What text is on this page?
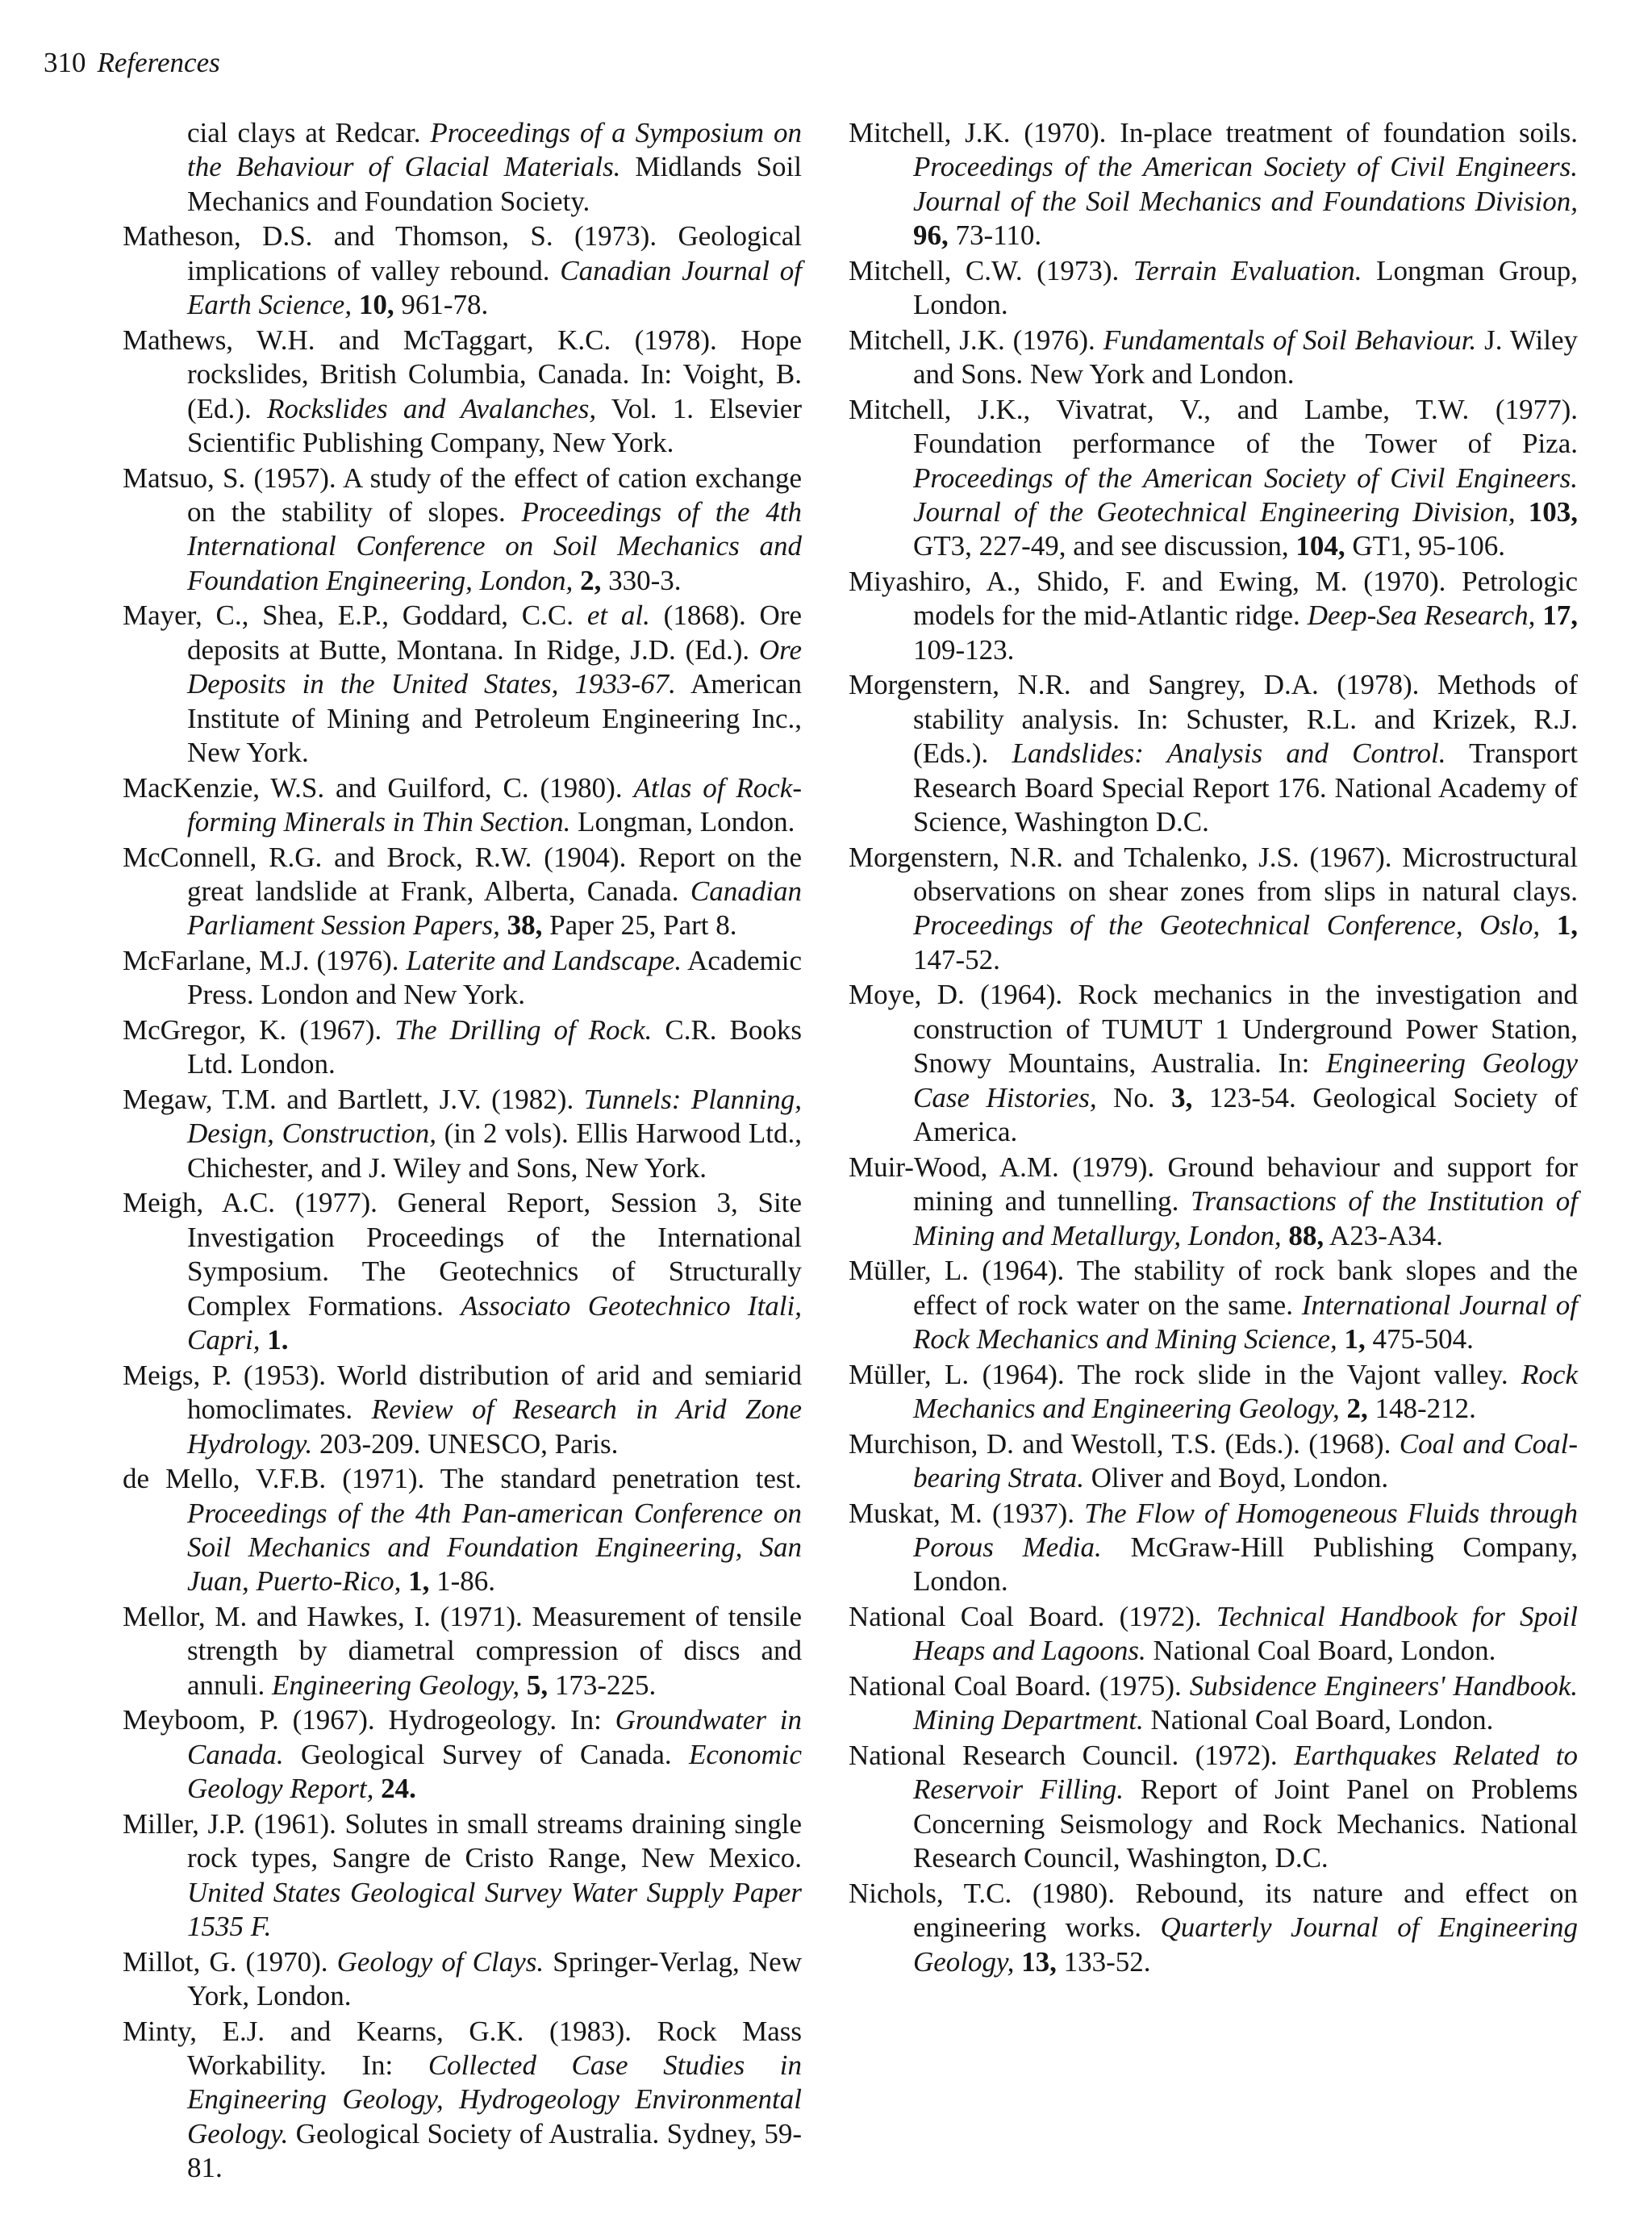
310 References

cial clays at Redcar. Proceedings of a Symposium on the Behaviour of Glacial Materials. Midlands Soil Mechanics and Foundation Society.

Matheson, D.S. and Thomson, S. (1973). Geological implications of valley rebound. Canadian Journal of Earth Science, 10, 961-78.

Mathews, W.H. and McTaggart, K.C. (1978). Hope rockslides, British Columbia, Canada. In: Voight, B. (Ed.). Rockslides and Avalanches, Vol. 1. Elsevier Scientific Publishing Company, New York.

Matsuo, S. (1957). A study of the effect of cation exchange on the stability of slopes. Proceedings of the 4th International Conference on Soil Mechanics and Foundation Engineering, London, 2, 330-3.

Mayer, C., Shea, E.P., Goddard, C.C. et al. (1868). Ore deposits at Butte, Montana. In Ridge, J.D. (Ed.). Ore Deposits in the United States, 1933-67. American Institute of Mining and Petroleum Engineering Inc., New York.

MacKenzie, W.S. and Guilford, C. (1980). Atlas of Rock-forming Minerals in Thin Section. Longman, London.

McConnell, R.G. and Brock, R.W. (1904). Report on the great landslide at Frank, Alberta, Canada. Canadian Parliament Session Papers, 38, Paper 25, Part 8.

McFarlane, M.J. (1976). Laterite and Landscape. Academic Press. London and New York.

McGregor, K. (1967). The Drilling of Rock. C.R. Books Ltd. London.

Megaw, T.M. and Bartlett, J.V. (1982). Tunnels: Planning, Design, Construction, (in 2 vols). Ellis Harwood Ltd., Chichester, and J. Wiley and Sons, New York.

Meigh, A.C. (1977). General Report, Session 3, Site Investigation Proceedings of the International Symposium. The Geotechnics of Structurally Complex Formations. Associato Geotechnico Itali, Capri, 1.

Meigs, P. (1953). World distribution of arid and semiarid homoclimates. Review of Research in Arid Zone Hydrology. 203-209. UNESCO, Paris.

de Mello, V.F.B. (1971). The standard penetration test. Proceedings of the 4th Pan-american Conference on Soil Mechanics and Foundation Engineering, San Juan, Puerto-Rico, 1, 1-86.

Mellor, M. and Hawkes, I. (1971). Measurement of tensile strength by diametral compression of discs and annuli. Engineering Geology, 5, 173-225.

Meyboom, P. (1967). Hydrogeology. In: Groundwater in Canada. Geological Survey of Canada. Economic Geology Report, 24.

Miller, J.P. (1961). Solutes in small streams draining single rock types, Sangre de Cristo Range, New Mexico. United States Geological Survey Water Supply Paper 1535 F.

Millot, G. (1970). Geology of Clays. Springer-Verlag, New York, London.

Minty, E.J. and Kearns, G.K. (1983). Rock Mass Workability. In: Collected Case Studies in Engineering Geology, Hydrogeology Environmental Geology. Geological Society of Australia. Sydney, 59-81.

Mitchell, J.K. (1970). In-place treatment of foundation soils. Proceedings of the American Society of Civil Engineers. Journal of the Soil Mechanics and Foundations Division, 96, 73-110.

Mitchell, C.W. (1973). Terrain Evaluation. Longman Group, London.

Mitchell, J.K. (1976). Fundamentals of Soil Behaviour. J. Wiley and Sons. New York and London.

Mitchell, J.K., Vivatrat, V., and Lambe, T.W. (1977). Foundation performance of the Tower of Piza. Proceedings of the American Society of Civil Engineers. Journal of the Geotechnical Engineering Division, 103, GT3, 227-49, and see discussion, 104, GT1, 95-106.

Miyashiro, A., Shido, F. and Ewing, M. (1970). Petrologic models for the mid-Atlantic ridge. Deep-Sea Research, 17, 109-123.

Morgenstern, N.R. and Sangrey, D.A. (1978). Methods of stability analysis. In: Schuster, R.L. and Krizek, R.J. (Eds.). Landslides: Analysis and Control. Transport Research Board Special Report 176. National Academy of Science, Washington D.C.

Morgenstern, N.R. and Tchalenko, J.S. (1967). Microstructural observations on shear zones from slips in natural clays. Proceedings of the Geotechnical Conference, Oslo, 1, 147-52.

Moye, D. (1964). Rock mechanics in the investigation and construction of TUMUT 1 Underground Power Station, Snowy Mountains, Australia. In: Engineering Geology Case Histories, No. 3, 123-54. Geological Society of America.

Muir-Wood, A.M. (1979). Ground behaviour and support for mining and tunnelling. Transactions of the Institution of Mining and Metallurgy, London, 88, A23-A34.

Müller, L. (1964). The stability of rock bank slopes and the effect of rock water on the same. International Journal of Rock Mechanics and Mining Science, 1, 475-504.

Müller, L. (1964). The rock slide in the Vajont valley. Rock Mechanics and Engineering Geology, 2, 148-212.

Murchison, D. and Westoll, T.S. (Eds.). (1968). Coal and Coal-bearing Strata. Oliver and Boyd, London.

Muskat, M. (1937). The Flow of Homogeneous Fluids through Porous Media. McGraw-Hill Publishing Company, London.

National Coal Board. (1972). Technical Handbook for Spoil Heaps and Lagoons. National Coal Board, London.

National Coal Board. (1975). Subsidence Engineers' Handbook. Mining Department. National Coal Board, London.

National Research Council. (1972). Earthquakes Related to Reservoir Filling. Report of Joint Panel on Problems Concerning Seismology and Rock Mechanics. National Research Council, Washington, D.C.

Nichols, T.C. (1980). Rebound, its nature and effect on engineering works. Quarterly Journal of Engineering Geology, 13, 133-52.
